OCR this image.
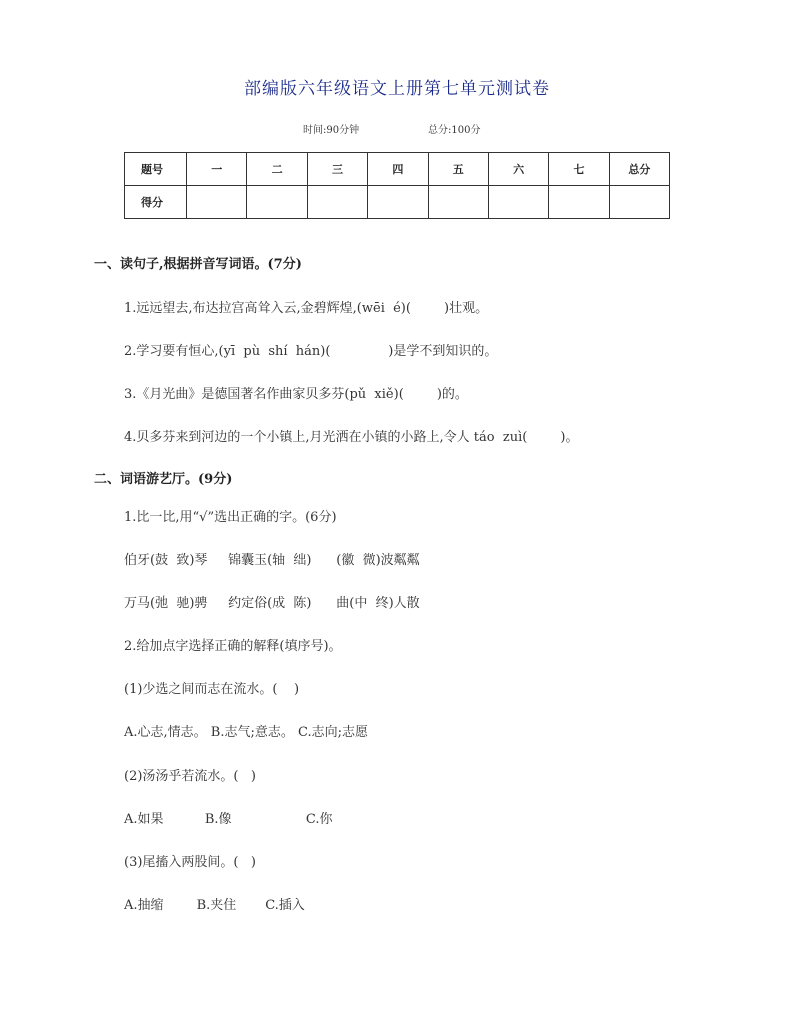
部编版六年级语文上册第七单元测试卷
时间:90分钟	总分:100分
题号	一	二	三	四	五	六	七	总分
得分								
一、读句子,根据拼音写词语。(7分)
1.远远望去,布达拉宫高耸入云,金碧辉煌,(wēi  é)(        )壮观。
2.学习要有恒心,(yī  pù  shí  hán)(              )是学不到知识的。
3.《月光曲》是德国著名作曲家贝多芬(pǔ  xiě)(        )的。
4.贝多芬来到河边的一个小镇上,月光洒在小镇的小路上,令人 táo  zuì(        )。
二、词语游艺厅。(9分)
1.比一比,用“√”选出正确的字。(6分)
伯牙(鼓  致)琴     锦囊玉(轴  绌)      (徽  微)波粼粼
万马(弛  驰)骋     约定俗(成  陈)      曲(中  终)人散
2.给加点字选择正确的解释(填序号)。
(1)少选之间而志在流水。(    )
A.心志,情志。 B.志气;意志。 C.志向;志愿
(2)汤汤乎若流水。(   )
A.如果          B.像                  C.你
(3)尾搐入两股间。(   )
A.抽缩        B.夹住       C.插入
